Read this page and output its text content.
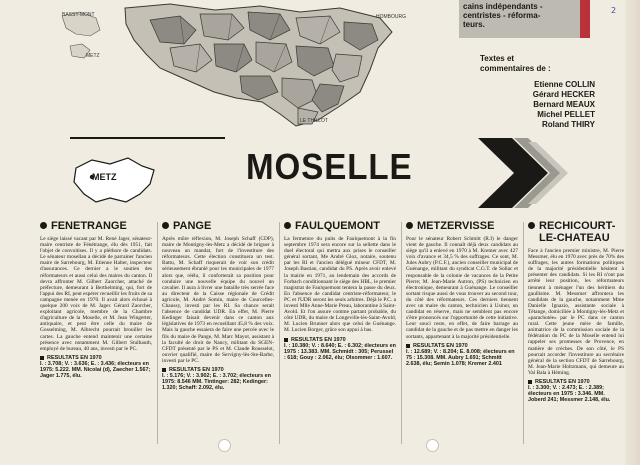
BASSY-MONT
METZ
HOMBOURG
LE THILLOT
cains indépendants -
centristes - réforma-
teurs.
Textes et
commentaires de :
Etienne COLLIN
Gérard HECKER
Bernard MEAUX
Michel PELLET
Roland THIRY
2
METZ	MOSELLE
FENETRANGE
Le siège laissé vacant par M. René Jager, sénateur-maire centriste de Fénétrange, élu dès 1951, fait l'objet de convoitises. Il y a pléthore de candidats. Le sénateur mosellan a décidé de parrainer l'ancien maire de Sarrebourg, M. Etienne Halter, inspecteur d'assurances. Ce dernier a le soutien des réformateurs et aussi celui des maires du canton. Il devra affronter M. Gilbert Zaorcher, attaché de préfecture, demeurant à Berthelming, qui, fort de l'appui des RI, peut espérer recueillir les fruits de sa campagne menée en 1970. Il avait alors échoué à quelque 200 voix de M. Jager. Gérard Zaorcher, exploitant agricole, membre de la Chambre d'agriculture de la Moselle, et M. Jean Wingerter, antiquaire, et peut être celle du maire de Gosselming, M. Albrecht pourrait brouiller les cartes. La gauche entend maintenir une certaine présence avec notamment M. Gilbert Stulbauth, employé de bureau, 40 ans, investi par le PC.
RESULTATS EN 1970
I. : 3.708; V. : 3.636; E. : 3.436; électeurs en 1975: 5.222. MM. Nicolai (d), Zaecher 1.567; Jager 1.775, élu.
PANGE
Après mûre réflexion, M. Joseph Schaff (CDP), maire de Montigny-lès-Metz a décidé de briguer à nouveau un mandat, fort de l'investiture des réformateurs. Cette élection constituera un test. Battu, M. Schaff risquerait de voir son crédit sérieusement ébranlé pour les municipales de 1977 alors que, réélu, il conforterait sa position pour conduire une nouvelle équipe du nouvel un cavalier. Il aura à livrer une bataille très serrée face au directeur de la Caisse régionale de Crédit agricole, M. André Somin, maire de Courcelles-Chaussy, investi par les RI. Sa chance serait l'absence de candidat UDR. En effet, M. Pierre Kedinger faisait devenir dans ce canton aux législatives de 1973 en recueillant 45,8 % des voix. Mais la gauche essaiera de faire une percée avec le fils du maire de Pange, M. Marc Mayot, assistant à la faculté de droit de Nancy, militant du SGEN-CFDT présenté par le PS et M. Claude Rousselot, ouvrier qualifié, maire de Servigny-lès-Ste-Barbe, investi par le PC.
RESULTATS EN 1970
I. : 5.176; V. : 3.902; E. : 3.702; électeurs en 1975: 8.546 MM. Tintinger: 282; Kedinger: 1.320; Schaff: 2.092, élu.
FAULQUEMONT
La fermeture du puits de Faulquemont à la fin septembre 1974 sera encore sur la sellette dans le duel électoral qui mettra aux prises le conseiller général sortant, Me André Gloz, notaire, soutenu par les RI et l'ancien délégué mineur CFDT, M. Joseph Bastian, candidat du PS. Après avoir enlevé la mairie en 1971, au lendemain des accords de Forbach conditionnant le siège des HBL, le premier magistrat de Faulquemont tentera la passe du deux. En l'absence de candidat centriste-réformateur, le PC et l'UDR seront les seuls arbitres. Déjà le P.C. a investi Mlle Anne-Marie Preau, laborantine à Saint-Avold. Et l'on assure comme partant probable, du côté UDR, du maire de Longeville-lès-Saint-Avold, M. Lucien Brunner alors que celui de Guénange. M. Lucien Borger, grâce son appui à bas.
RESULTATS EN 1970
I. : 10.380; V. : 8.640; E. : 6.302; électeurs en 1975 : 13.383. MM. Schmidt : 305; Perussel : 618; Gouy : 2.062, élu; Olsommer : 1.607.
METZERVISSE
Pour le sénateur Robert Schmitt (R.I) le danger vient de gauche. Il connaît déjà deux candidats au siège qu'il a enlevé en 1970 à M. Kremer avec 427 voix d'avance et 34,5 % des suffrages. Ce sont, M. Jules Aubry (P.C.F.), ancien conseiller municipal de Guénange, militant du syndicat C.G.T. de Sollac et responsable de la colonie de vacances de la Petite Pierre; M. Jean-Marie Autron, (PS) technicien en électronique, demeurant à Guénange. Le conseiller sortant risque aussi de vous trouver au second tour, du côté des réformateurs. Ces derniers tiennent avec un maire du canton, technicien à Usinor, un candidat en réserve, mais ne semblent pas encore s'être prononcés sur l'opportunité de cette initiative. Leur souci reste, en effet, de faire barrage au candidat de la gauche et de pas mettre en danger les sortants, appartenant à la majorité présidentielle.
RESULTATS EN 1970
I. : 12.689; V. : 8.204; E. 8.008; électeurs en 75 : 15.308. MM. Aubry 1.691; Schmitt 2.638, élu; Semin 1.078; Kremer 2.401
RECHICOURT-LE-CHATEAU
Face à l'ancien premier ministre, M. Pierre Messmer, élu en 1970 avec près de 70% des suffrages, les autres formations politiques de la majorité présidentielle hésitent à présenter des candidats. Si les RI n'ont pas arrêté leur position, les réformateurs tiennent à ménager l'un des héritiers du gaullisme. M. Messmer affrontera les candidats de la gauche, notamment Mme Danielle Ignazio, assistante sociale à Tétange, domiciliée à Montigny-lès-Metz et «parachutée» par le PC dans ce canton rural. Cette jeune mère de famille, animatrice de la commission sociale de la fédération du PC de la Moselle entend lui rappeler ses promesses de Provence, en matière de crèches. De son côté, le PS pourrait accorder l'investiture au secrétaire général de la section CFDT de Sarrebourg, M. Jean-Marie Holtzmann, qui demeure au Val Bala à Héming.
RESULTATS EN 1970
I. : 3.300; V. : 2.473; E. : 2.389; électeurs en 1975 : 3.346. MM. Joberd 241; Messmer 2.148, élu.
